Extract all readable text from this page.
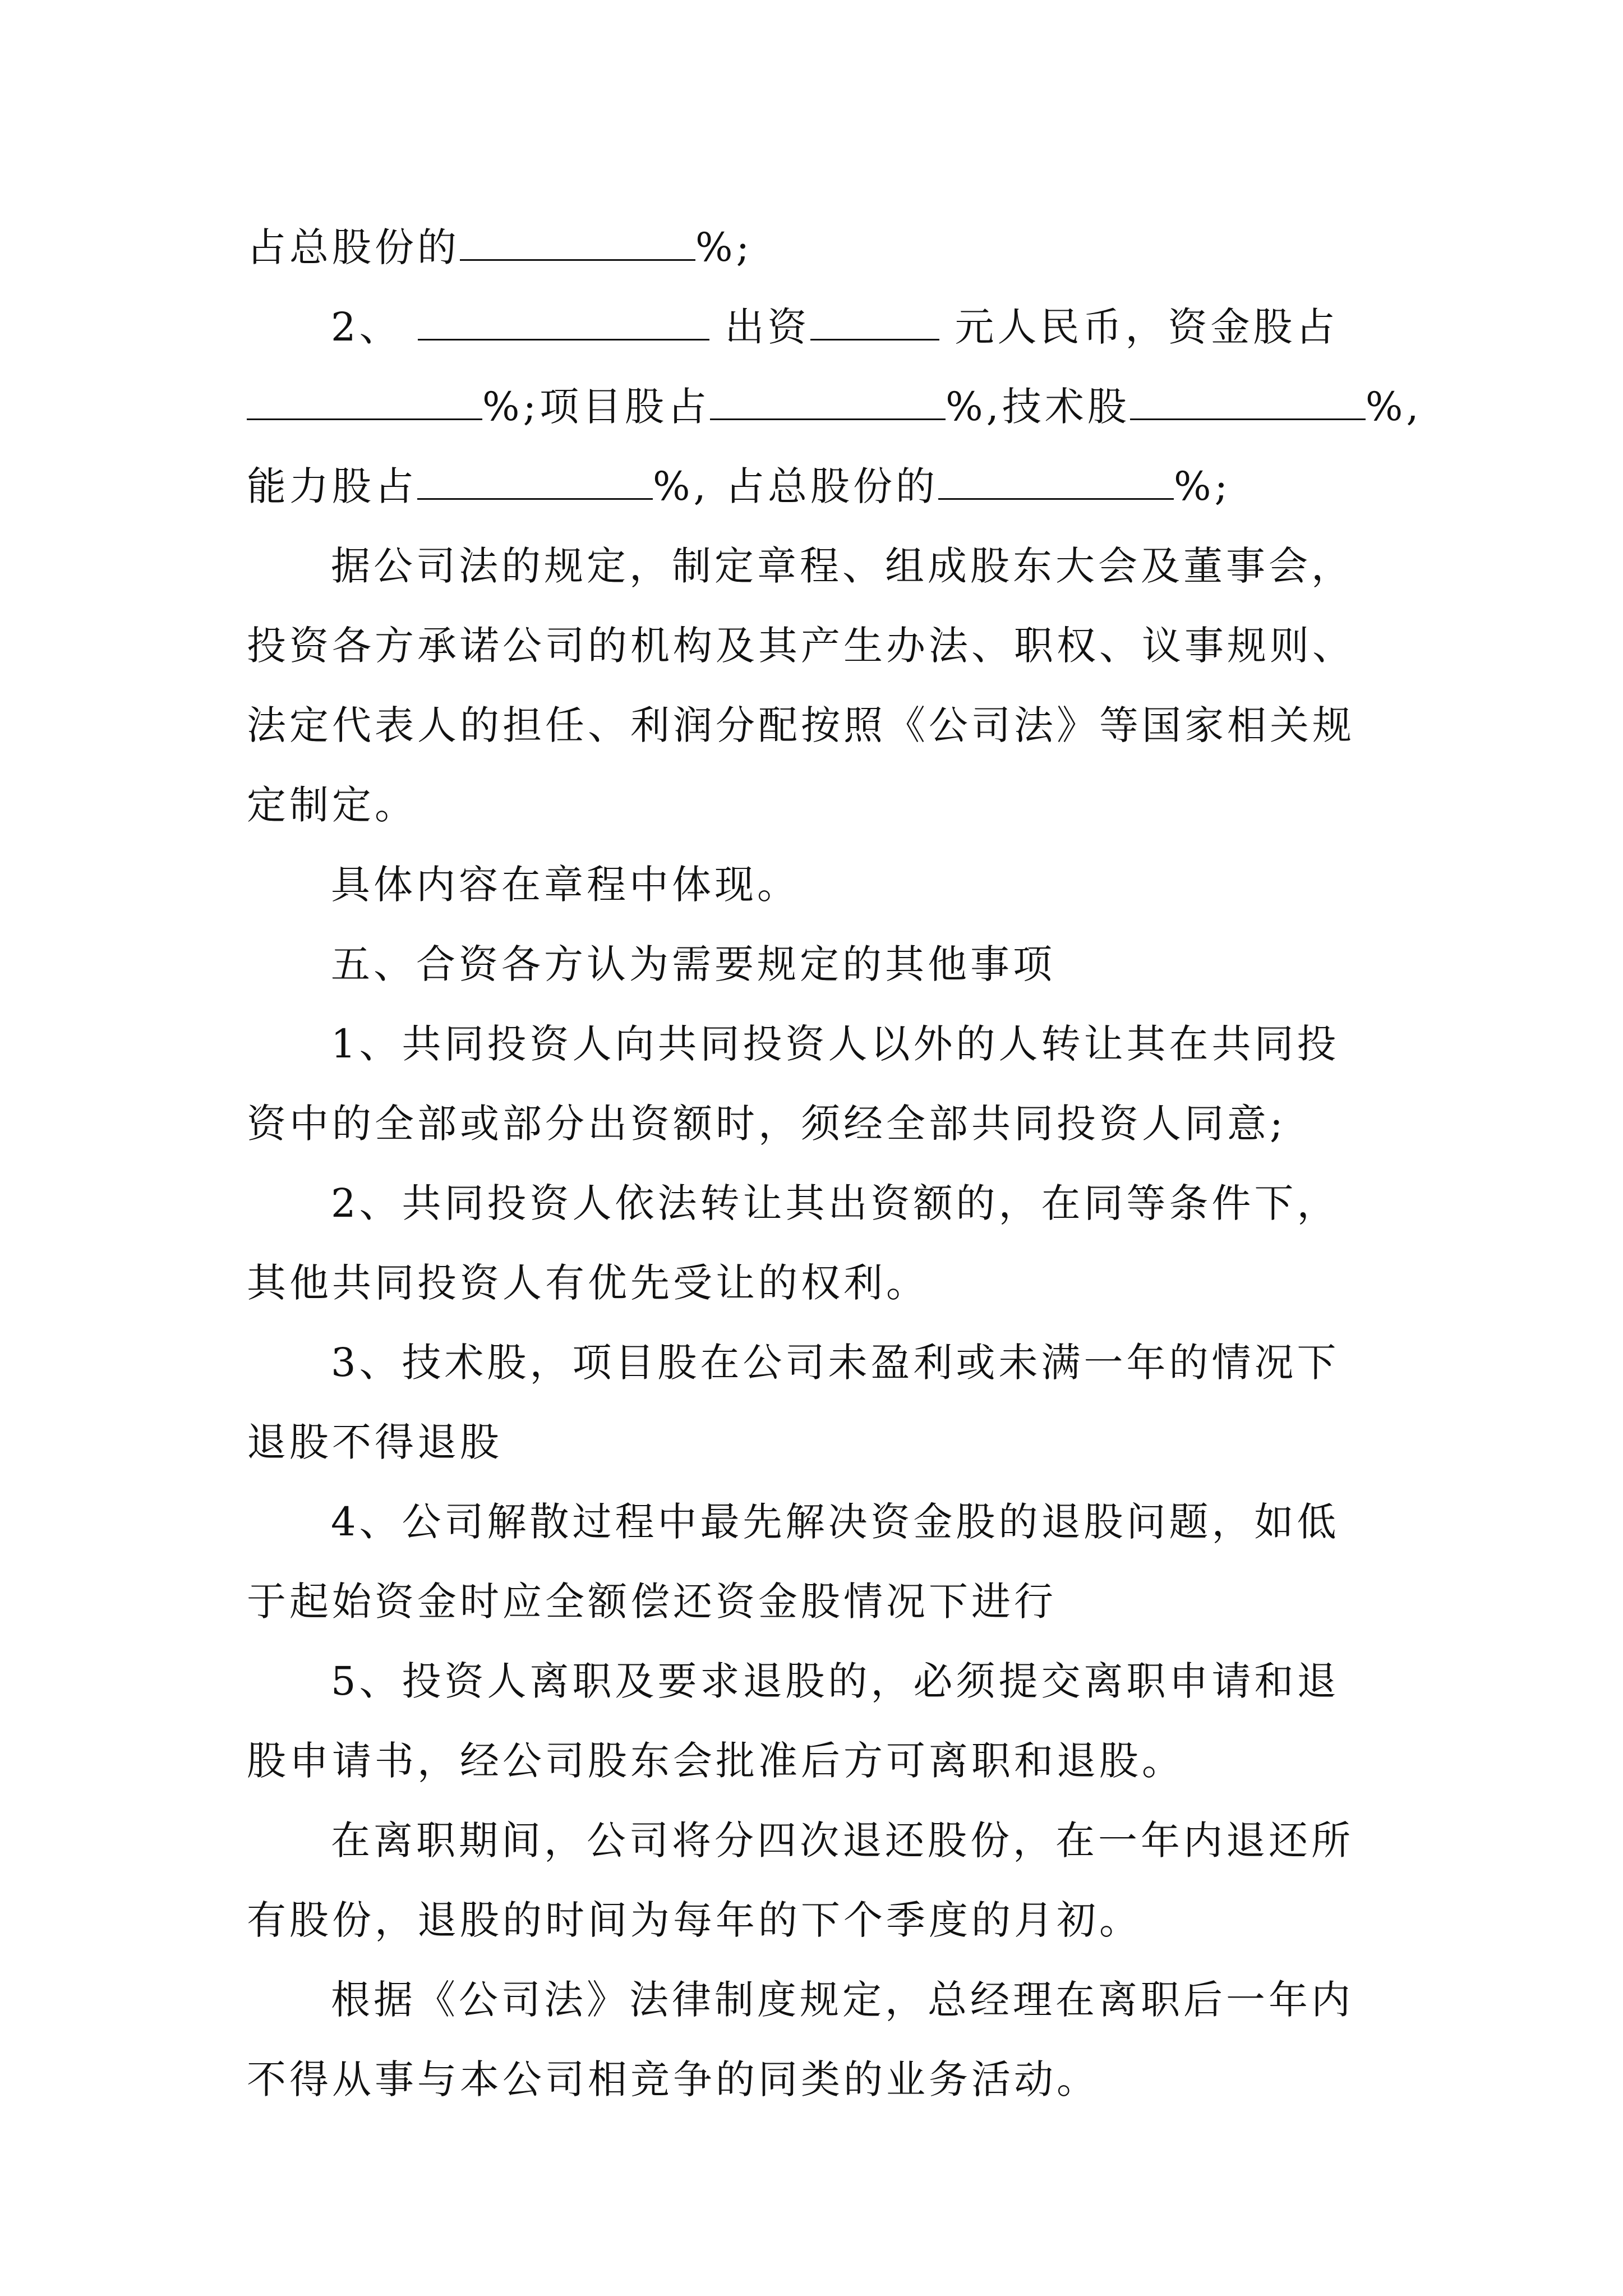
占总股份的	%;
2、	出资	元人民币，资金股占
%;项目股占	%,技术股	%,
能力股占	%, 占总股份的	%;
据公司法的规定，制定章程、组成股东大会及董事会，
投资各方承诺公司的机构及其产生办法、职权、议事规则、
法定代表人的担任、利润分配按照《公司法》等国家相关规
定制定。
具体内容在章程中体现。
五、合资各方认为需要规定的其他事项
1、共同投资人向共同投资人以外的人转让其在共同投
资中的全部或部分出资额时，须经全部共同投资人同意;
2、共同投资人依法转让其出资额的，在同等条件下，
其他共同投资人有优先受让的权利。
3、技术股，项目股在公司未盈利或未满一年的情况下
退股不得退股
4、公司解散过程中最先解决资金股的退股问题，如低
于起始资金时应全额偿还资金股情况下进行
5、投资人离职及要求退股的，必须提交离职申请和退
股申请书，经公司股东会批准后方可离职和退股。
在离职期间，公司将分四次退还股份，在一年内退还所
有股份，退股的时间为每年的下个季度的月初。
根据《公司法》法律制度规定，总经理在离职后一年内
不得从事与本公司相竞争的同类的业务活动。
